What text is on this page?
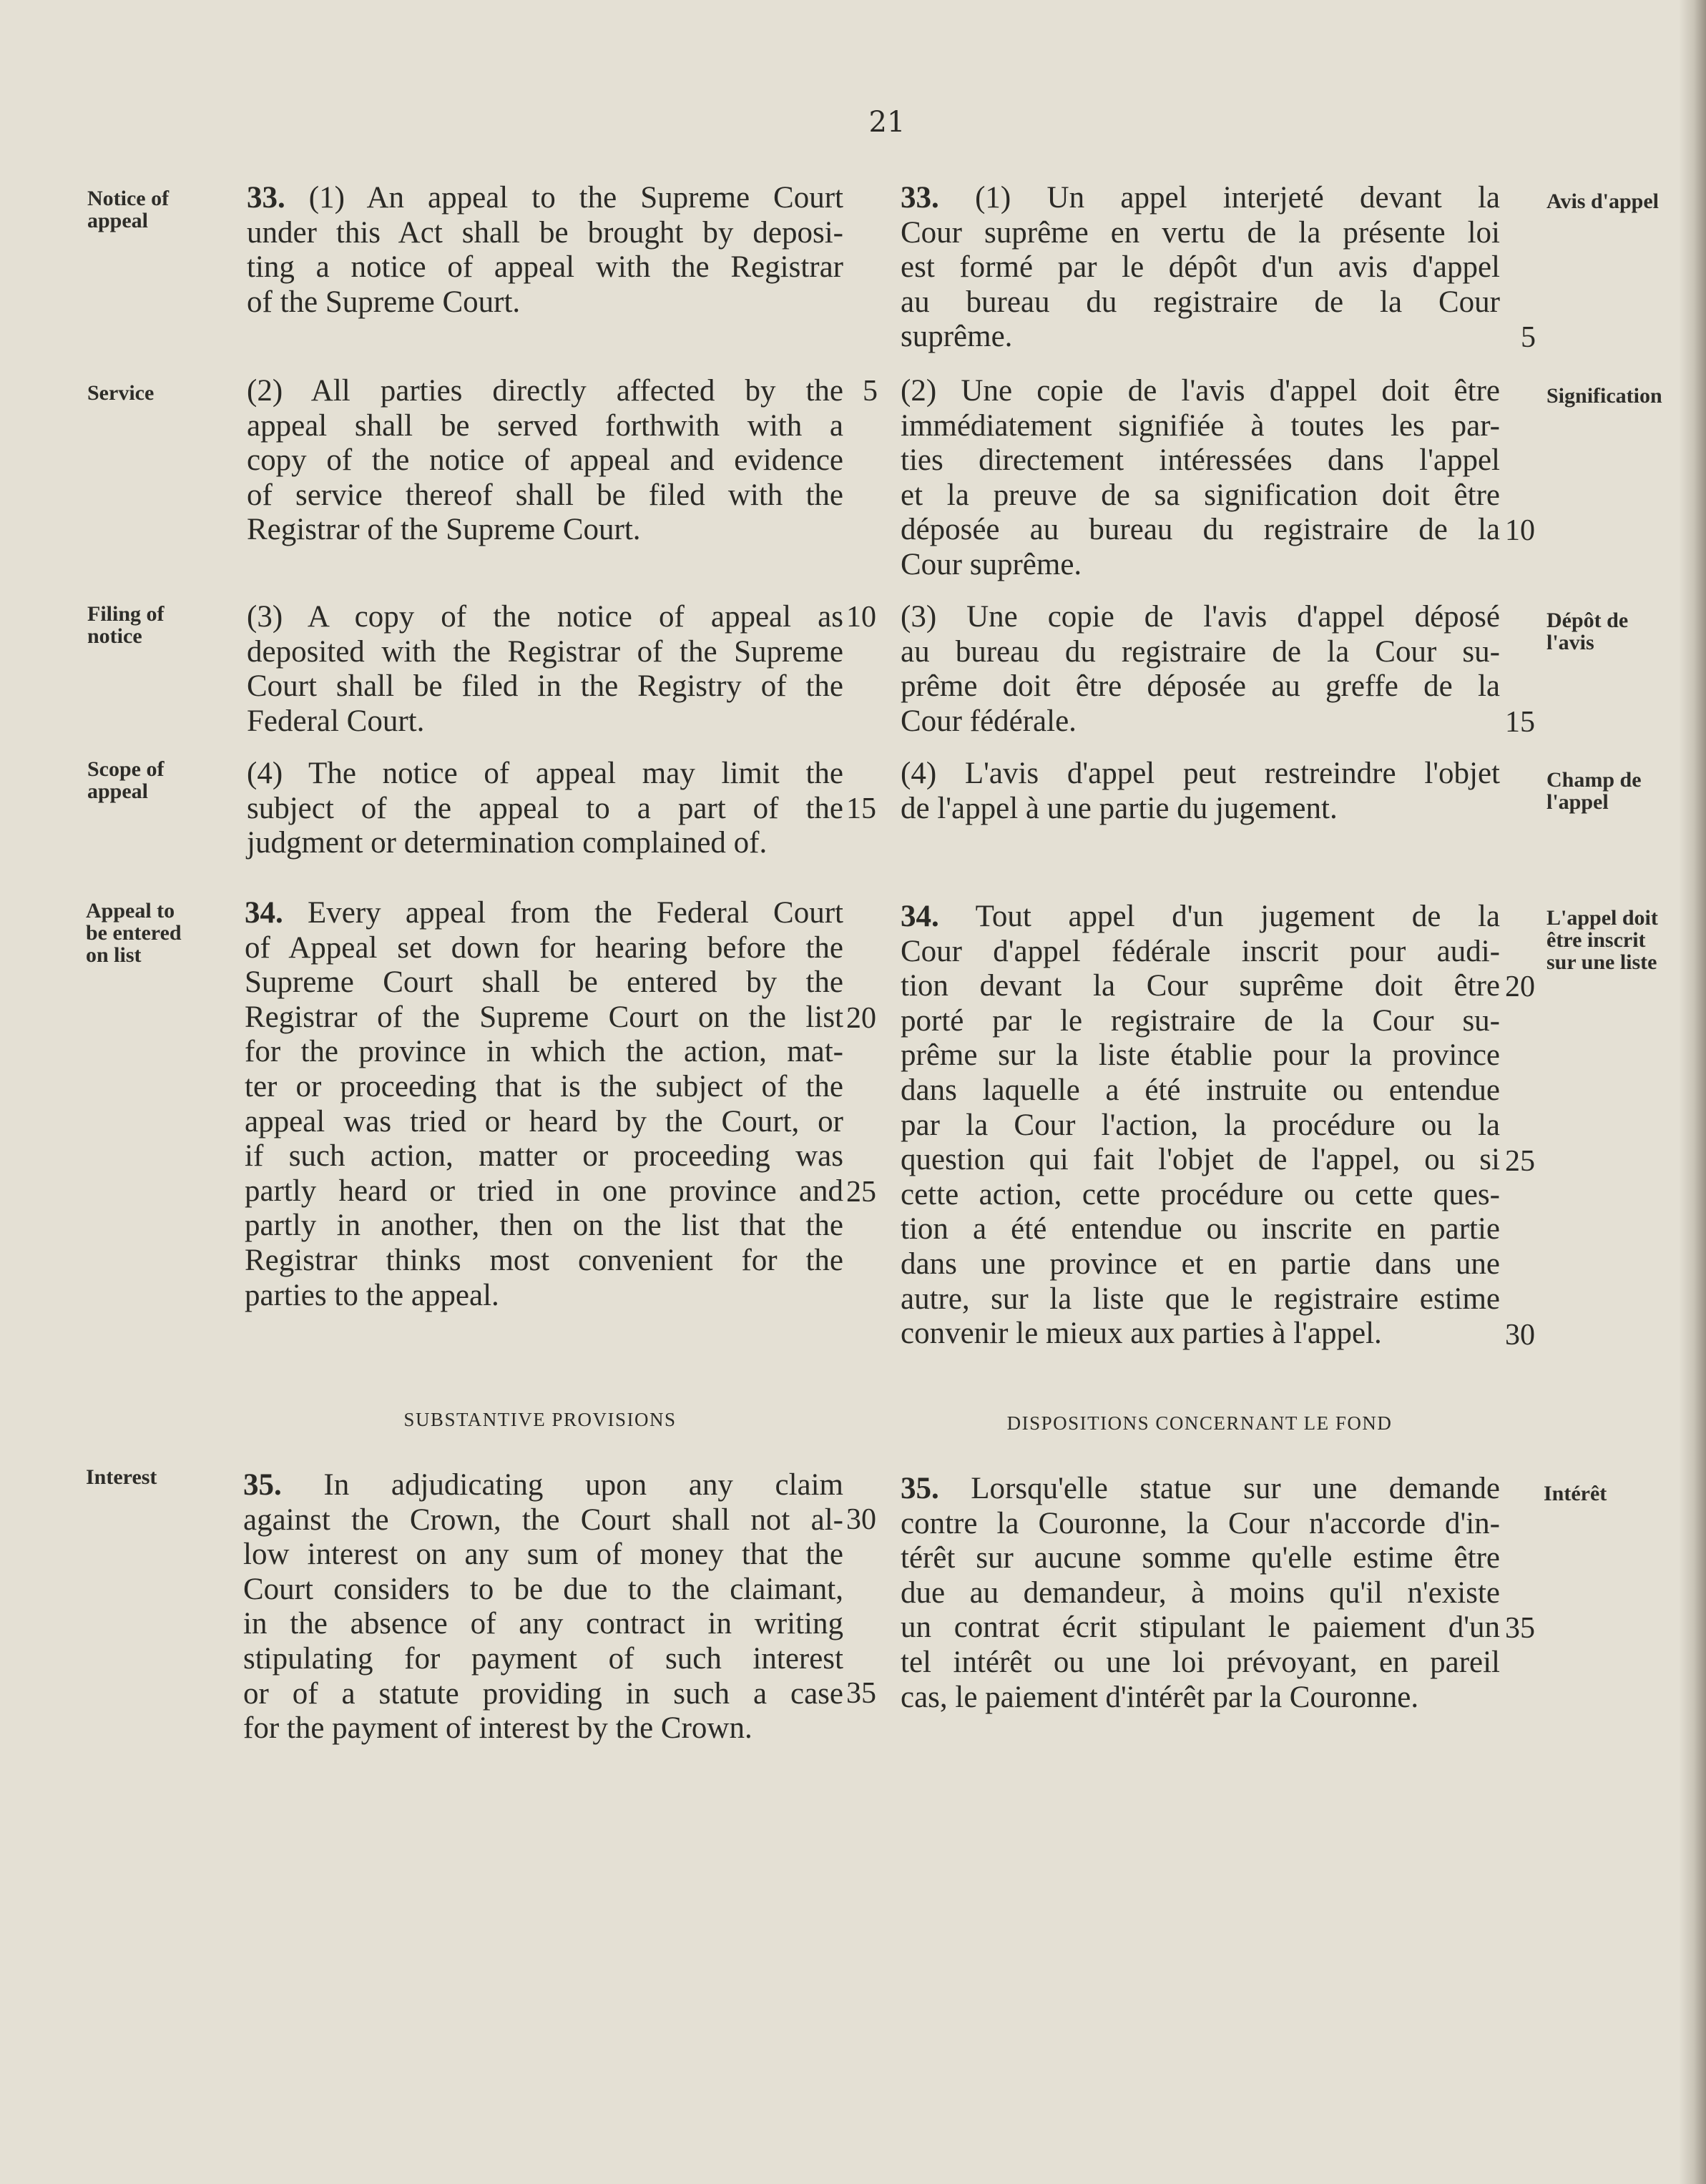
21
Notice of
appeal
Service
Filing of
notice
Scope of
appeal
Appeal to
be entered
on list
Interest
Avis d'appel
Signification
Dépôt de
l'avis
Champ de
l'appel
L'appel doit
être inscrit
sur une liste
Intérêt
33. (1) An appeal to the Supreme Court
under this Act shall be brought by deposi-
ting a notice of appeal with the Registrar
of the Supreme Court.
(2) All parties directly affected by the
appeal shall be served forthwith with a
copy of the notice of appeal and evidence
of service thereof shall be filed with the
Registrar of the Supreme Court.
(3) A copy of the notice of appeal as
deposited with the Registrar of the Supreme
Court shall be filed in the Registry of the
Federal Court.
(4) The notice of appeal may limit the
subject of the appeal to a part of the
judgment or determination complained of.
34. Every appeal from the Federal Court
of Appeal set down for hearing before the
Supreme Court shall be entered by the
Registrar of the Supreme Court on the list
for the province in which the action, mat-
ter or proceeding that is the subject of the
appeal was tried or heard by the Court, or
if such action, matter or proceeding was
partly heard or tried in one province and
partly in another, then on the list that the
Registrar thinks most convenient for the
parties to the appeal.
SUBSTANTIVE PROVISIONS
35. In adjudicating upon any claim
against the Crown, the Court shall not al-
low interest on any sum of money that the
Court considers to be due to the claimant,
in the absence of any contract in writing
stipulating for payment of such interest
or of a statute providing in such a case
for the payment of interest by the Crown.
5
10
15
20
25
30
35
33. (1) Un appel interjeté devant la
Cour suprême en vertu de la présente loi
est formé par le dépôt d'un avis d'appel
au bureau du registraire de la Cour
suprême.
(2) Une copie de l'avis d'appel doit être
immédiatement signifiée à toutes les par-
ties directement intéressées dans l'appel
et la preuve de sa signification doit être
déposée au bureau du registraire de la
Cour suprême.
(3) Une copie de l'avis d'appel déposé
au bureau du registraire de la Cour su-
prême doit être déposée au greffe de la
Cour fédérale.
(4) L'avis d'appel peut restreindre l'objet
de l'appel à une partie du jugement.
34. Tout appel d'un jugement de la
Cour d'appel fédérale inscrit pour audi-
tion devant la Cour suprême doit être
porté par le registraire de la Cour su-
prême sur la liste établie pour la province
dans laquelle a été instruite ou entendue
par la Cour l'action, la procédure ou la
question qui fait l'objet de l'appel, ou si
cette action, cette procédure ou cette ques-
tion a été entendue ou inscrite en partie
dans une province et en partie dans une
autre, sur la liste que le registraire estime
convenir le mieux aux parties à l'appel.
DISPOSITIONS CONCERNANT LE FOND
35. Lorsqu'elle statue sur une demande
contre la Couronne, la Cour n'accorde d'in-
térêt sur aucune somme qu'elle estime être
due au demandeur, à moins qu'il n'existe
un contrat écrit stipulant le paiement d'un
tel intérêt ou une loi prévoyant, en pareil
cas, le paiement d'intérêt par la Couronne.
5
10
15
20
25
30
35
